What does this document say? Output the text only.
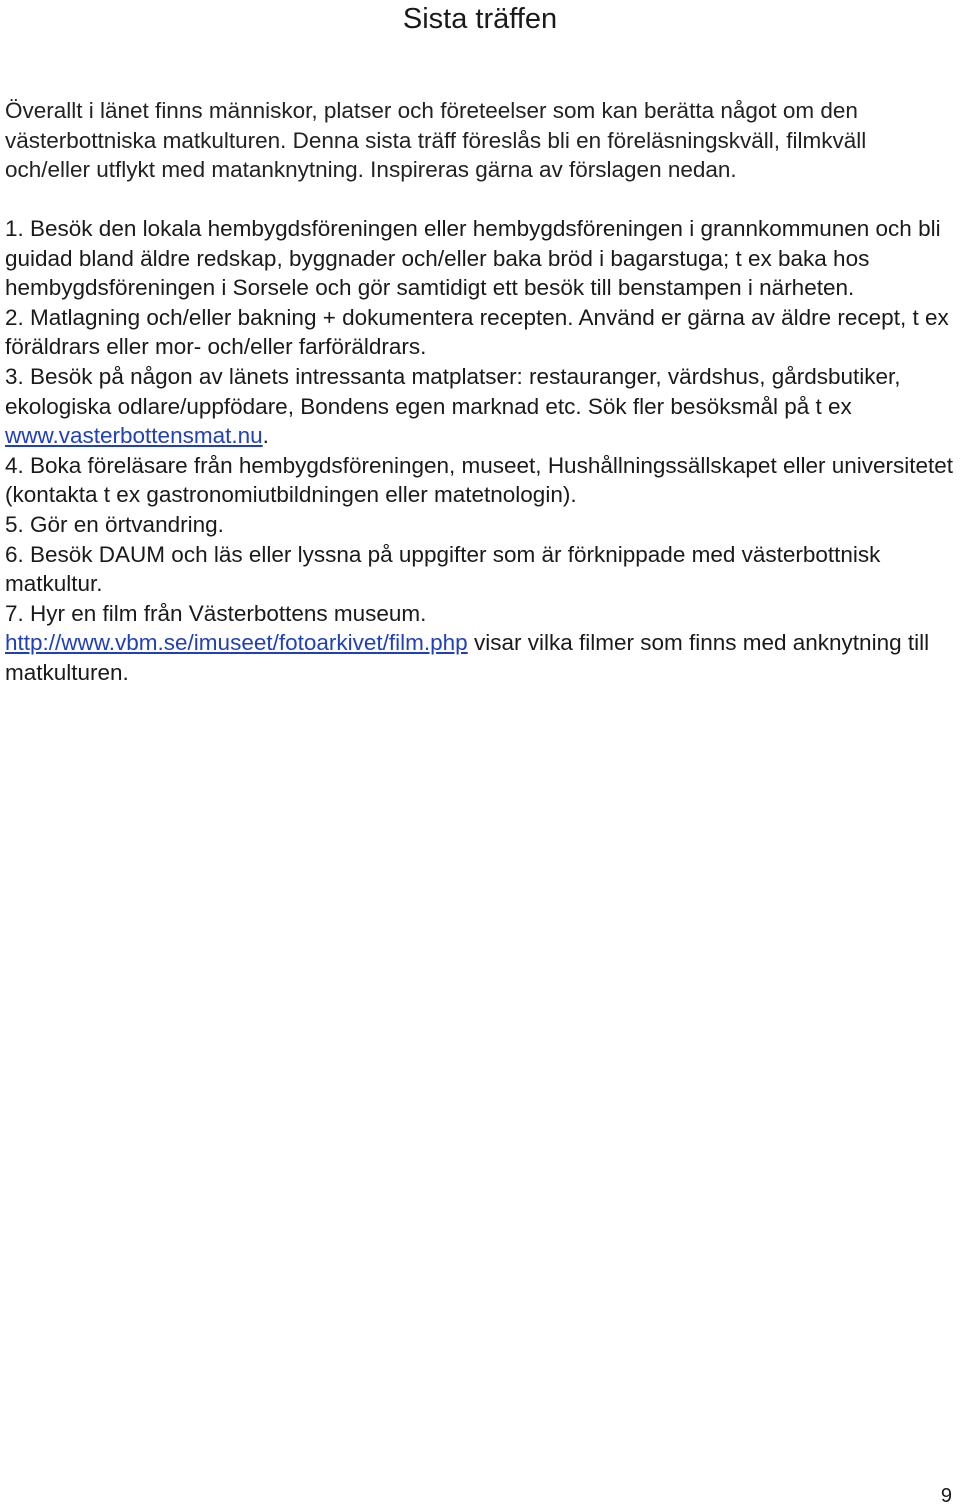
Sista träffen

Överallt i länet finns människor, platser och företeelser som kan berätta något om den västerbottniska matkulturen. Denna sista träff föreslås bli en föreläsningskväll, filmkväll och/eller utflykt med matanknytning. Inspireras gärna av förslagen nedan.

1. Besök den lokala hembygdsföreningen eller hembygdsföreningen i grannkommunen och bli guidad bland äldre redskap, byggnader och/eller baka bröd i bagarstuga; t ex baka hos hembygdsföreningen i Sorsele och gör samtidigt ett besök till benstampen i närheten.
2. Matlagning och/eller bakning + dokumentera recepten. Använd er gärna av äldre recept, t ex föräldrars eller mor- och/eller farföräldrars.
3. Besök på någon av länets intressanta matplatser: restauranger, värdshus, gårdsbutiker, ekologiska odlare/uppfödare, Bondens egen marknad etc. Sök fler besöksmål på t ex www.vasterbottensmat.nu.
4. Boka föreläsare från hembygdsföreningen, museet, Hushållningssällskapet eller universitetet (kontakta t ex gastronomiutbildningen eller matetnologin).
5. Gör en örtvandring.
6. Besök DAUM och läs eller lyssna på uppgifter som är förknippade med västerbottnisk matkultur.
7. Hyr en film från Västerbottens museum.
http://www.vbm.se/imuseet/fotoarkivet/film.php visar vilka filmer som finns med anknytning till matkulturen.
9
